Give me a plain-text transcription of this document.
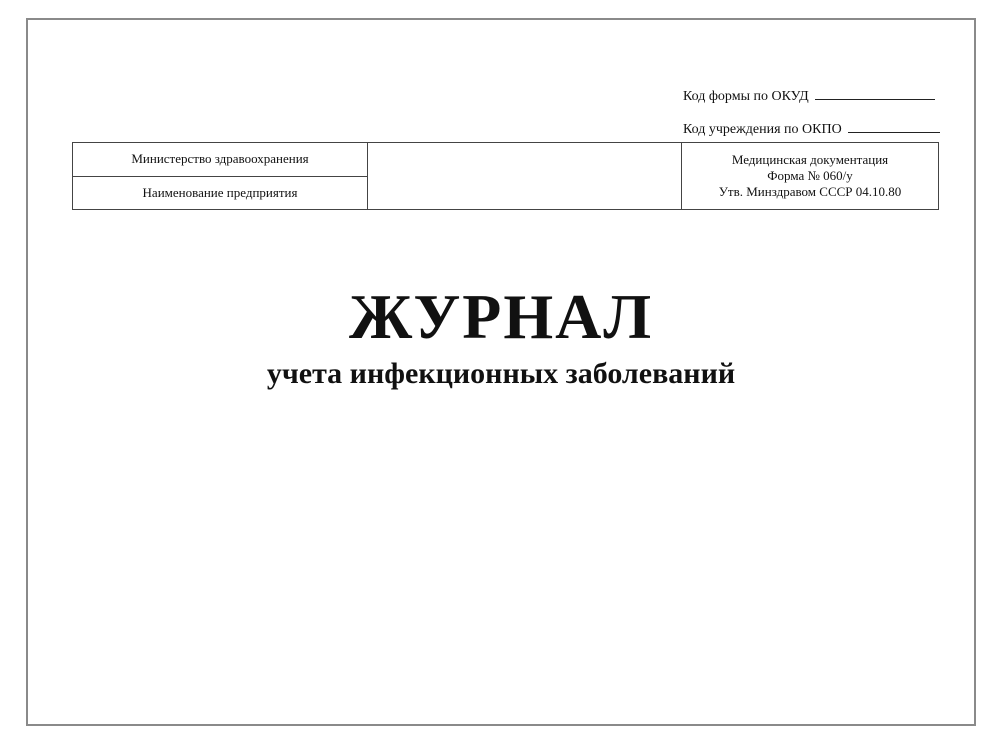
Код формы по ОКУД
Код учреждения по ОКПО
Министерство здравоохранения
Наименование предприятия
Медицинская документация
Форма № 060/у
Утв. Минздравом СССР 04.10.80
ЖУРНАЛ
учета инфекционных заболеваний
